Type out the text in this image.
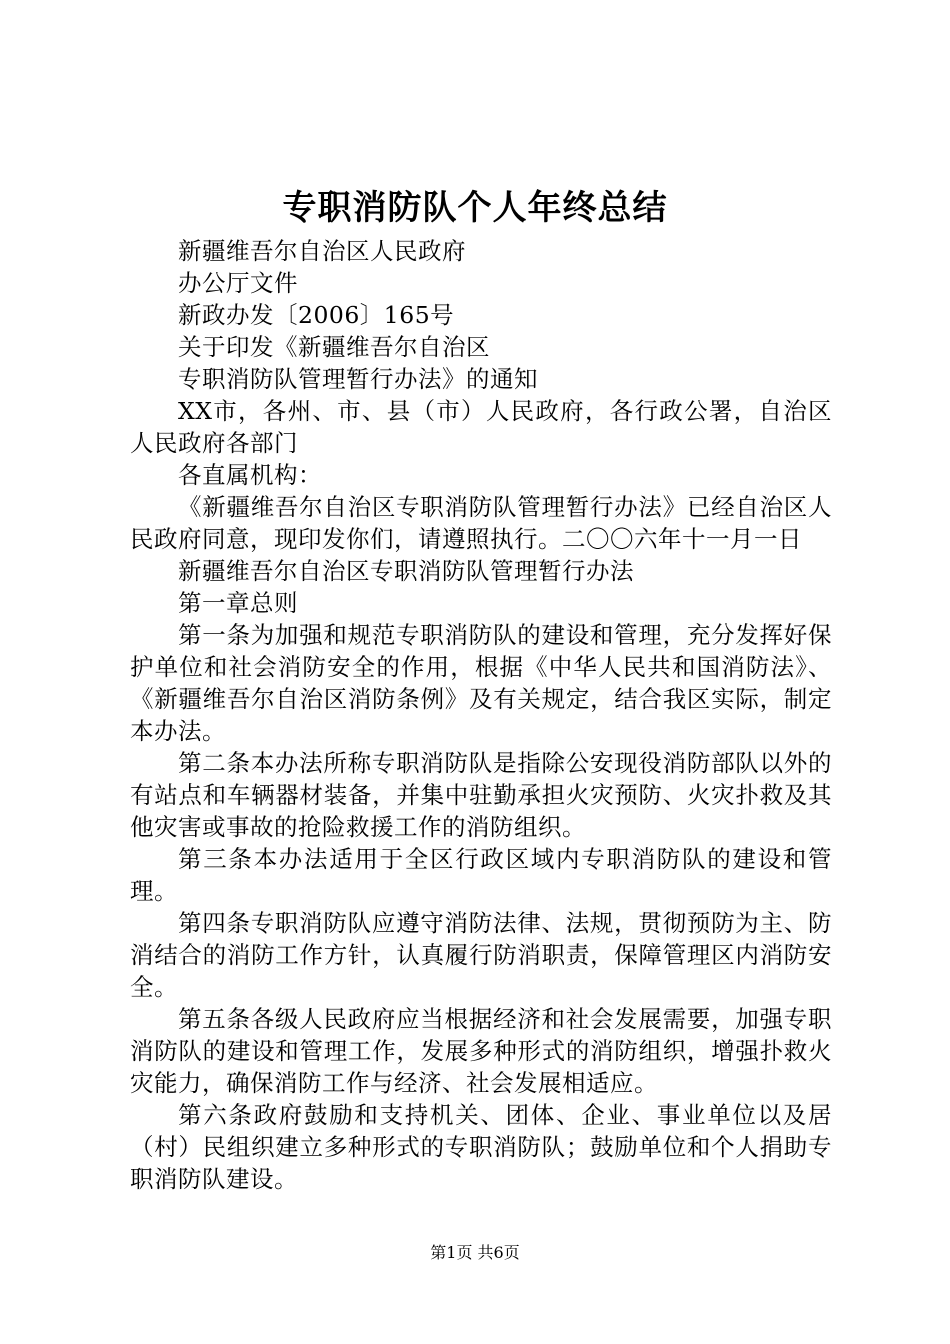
专职消防队个人年终总结

新疆维吾尔自治区人民政府

办公厅文件

新政办发〔2006〕165号

关于印发《新疆维吾尔自治区

专职消防队管理暂行办法》的通知

XX市，各州、市、县（市）人民政府，各行政公署，自治区人民政府各部门

各直属机构：

《新疆维吾尔自治区专职消防队管理暂行办法》已经自治区人民政府同意，现印发你们，请遵照执行。二〇〇六年十一月一日

新疆维吾尔自治区专职消防队管理暂行办法

第一章总则

第一条为加强和规范专职消防队的建设和管理，充分发挥好保护单位和社会消防安全的作用，根据《中华人民共和国消防法》、《新疆维吾尔自治区消防条例》及有关规定，结合我区实际，制定本办法。

第二条本办法所称专职消防队是指除公安现役消防部队以外的有站点和车辆器材装备，并集中驻勤承担火灾预防、火灾扑救及其他灾害或事故的抢险救援工作的消防组织。

第三条本办法适用于全区行政区域内专职消防队的建设和管理。

第四条专职消防队应遵守消防法律、法规，贯彻预防为主、防消结合的消防工作方针，认真履行防消职责，保障管理区内消防安全。

第五条各级人民政府应当根据经济和社会发展需要，加强专职消防队的建设和管理工作，发展多种形式的消防组织，增强扑救火灾能力，确保消防工作与经济、社会发展相适应。

第六条政府鼓励和支持机关、团体、企业、事业单位以及居（村）民组织建立多种形式的专职消防队；鼓励单位和个人捐助专职消防队建设。

第1页 共6页
